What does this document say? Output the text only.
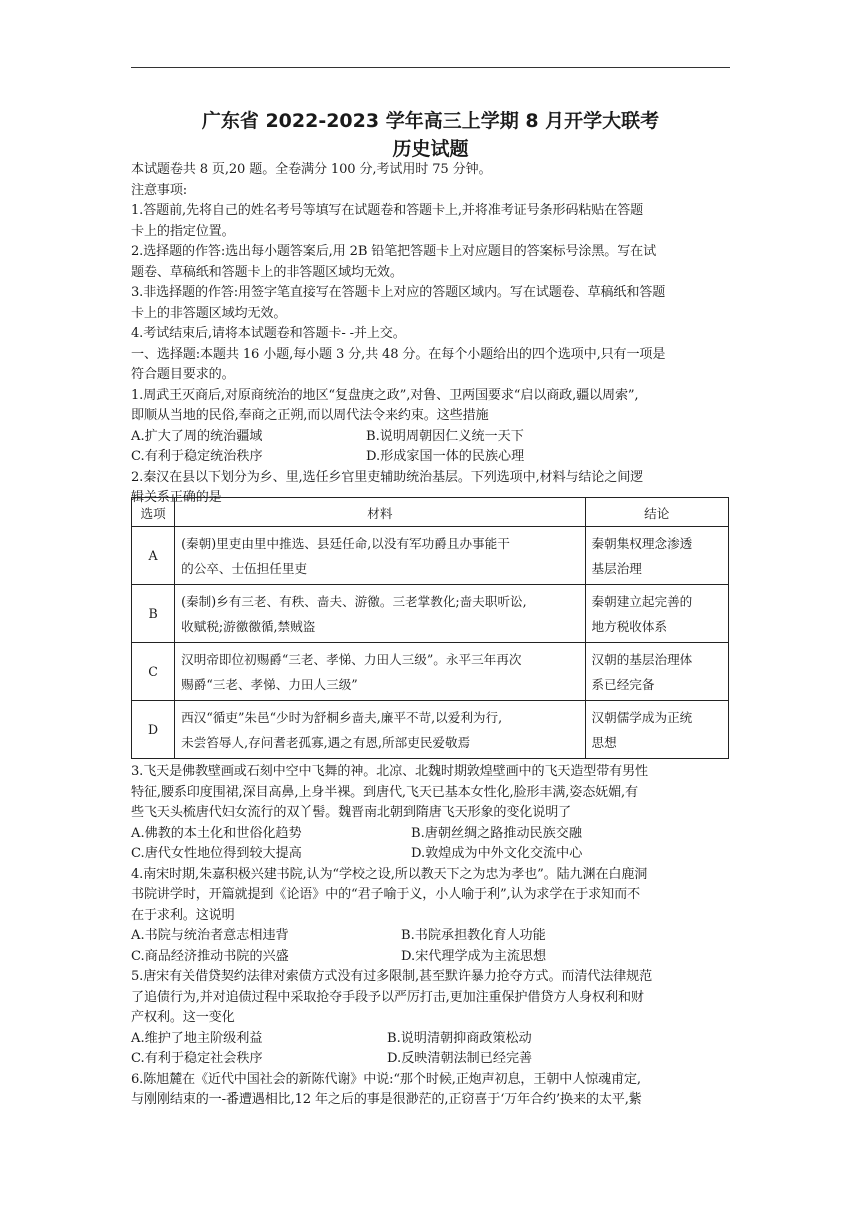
广东省 2022-2023 学年高三上学期 8 月开学大联考
历史试题
本试题卷共 8 页,20 题。全卷满分 100 分,考试用时 75 分钟。
注意事项:
1.答题前,先将自己的姓名考号等填写在试题卷和答题卡上,并将准考证号条形码粘贴在答题
卡上的指定位置。
2.选择题的作答:选出每小题答案后,用 2B 铅笔把答题卡上对应题目的答案标号涂黑。写在试
题卷、草稿纸和答题卡上的非答题区域均无效。
3.非选择题的作答:用签字笔直接写在答题卡上对应的答题区域内。写在试题卷、草稿纸和答题
卡上的非答题区域均无效。
4.考试结束后,请将本试题卷和答题卡- -并上交。
一、选择题:本题共 16 小题,每小题 3 分,共 48 分。在每个小题给出的四个选项中,只有一项是
符合题目要求的。
1.周武王灭商后,对原商统治的地区“复盘庚之政”,对鲁、卫两国要求“启以商政,疆以周索”,
即顺从当地的民俗,奉商之正朔,而以周代法令来约束。这些措施
A.扩大了周的统治疆域	B.说明周朝因仁义统一天下
C.有利于稳定统治秩序	D.形成家国一体的民族心理
2.秦汉在县以下划分为乡、里,选任乡官里吏辅助统治基层。下列选项中,材料与结论之间逻
辑关系正确的是
选项	材料	结论
A	(秦朝)里吏由里中推选、县廷任命,以没有军功爵且办事能干
的公卒、士伍担任里吏	秦朝集权理念渗透
基层治理

B	(秦制)乡有三老、有秩、啬夫、游徼。三老掌教化;啬夫职听讼,
收赋税;游徼徼循,禁贼盗	秦朝建立起完善的
地方税收体系

C	汉明帝即位初赐爵“三老、孝悌、力田人三级”。永平三年再次
赐爵“三老、孝悌、力田人三级”	汉朝的基层治理体
系已经完备

D	西汉“循吏”朱邑“少时为舒桐乡啬夫,廉平不苛,以爱利为行,
未尝笞辱人,存问耆老孤寡,遇之有恩,所部吏民爱敬焉	汉朝儒学成为正统
思想
3.飞天是佛教壁画或石刻中空中飞舞的神。北凉、北魏时期敦煌壁画中的飞天造型带有男性
特征,腰系印度围裙,深目高鼻,上身半裸。到唐代,飞天已基本女性化,脸形丰满,姿态妩媚,有
些飞天头梳唐代妇女流行的双丫髻。魏晋南北朝到隋唐飞天形象的变化说明了
A.佛教的本土化和世俗化趋势	B.唐朝丝绸之路推动民族交融
C.唐代女性地位得到较大提高	D.敦煌成为中外文化交流中心
4.南宋时期,朱嘉积极兴建书院,认为“学校之设,所以教天下之为忠为孝也”。陆九渊在白鹿洞
书院讲学时，开篇就提到《论语》中的“君子喻于义，小人喻于利”,认为求学在于求知而不
在于求利。这说明
A.书院与统治者意志相违背	B.书院承担教化育人功能
C.商品经济推动书院的兴盛	D.宋代理学成为主流思想
5.唐宋有关借贷契约法律对索债方式没有过多限制,甚至默许暴力抢夺方式。而清代法律规范
了追债行为,并对追债过程中采取抢夺手段予以严厉打击,更加注重保护借贷方人身权利和财
产权利。这一变化
A.维护了地主阶级利益	B.说明清朝抑商政策松动
C.有利于稳定社会秩序	D.反映清朝法制已经完善
6.陈旭麓在《近代中国社会的新陈代谢》中说:“那个时候,正炮声初息，王朝中人惊魂甫定,
与刚刚结束的一-番遭遇相比,12 年之后的事是很渺茫的,正窃喜于‘万年合约’换来的太平,紫
